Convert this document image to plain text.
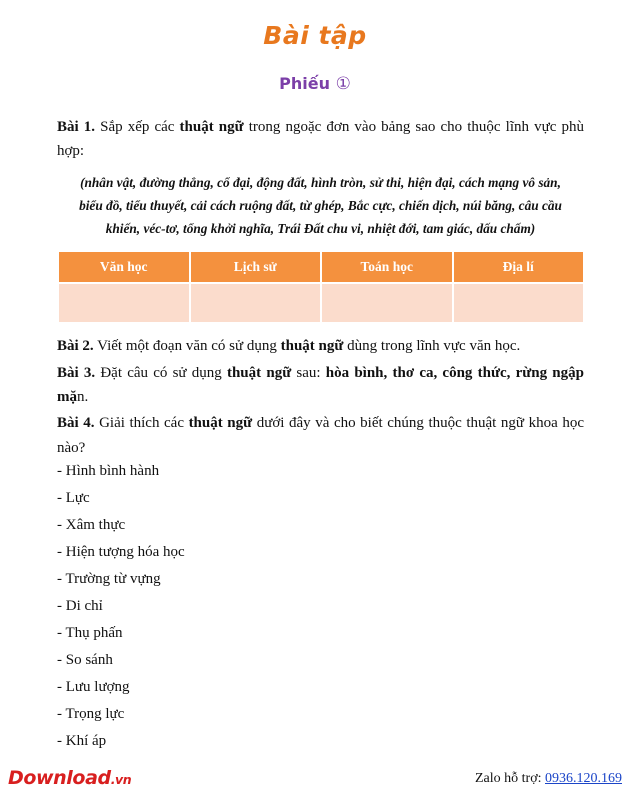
Bài tập
Phiếu ①

Bài 1. Sắp xếp các thuật ngữ trong ngoặc đơn vào bảng sao cho thuộc lĩnh vực phù hợp:

(nhân vật, đường thẳng, cổ đại, động đất, hình tròn, sử thi, hiện đại, cách mạng vô sản, biểu đồ, tiểu thuyết, cải cách ruộng đất, từ ghép, Bắc cực, chiến dịch, núi băng, câu cầu khiến, véc-tơ, tổng khởi nghĩa, Trái Đất chu vi, nhiệt đới, tam giác, dấu chấm)

Văn học	Lịch sử	Toán học	Địa lí

Bài 2. Viết một đoạn văn có sử dụng thuật ngữ dùng trong lĩnh vực văn học.

Bài 3. Đặt câu có sử dụng thuật ngữ sau: hòa bình, thơ ca, công thức, rừng ngập mặn.

Bài 4. Giải thích các thuật ngữ dưới đây và cho biết chúng thuộc thuật ngữ khoa học nào?

- Hình bình hành
- Lực
- Xâm thực
- Hiện tượng hóa học
- Trường từ vựng
- Di chỉ
- Thụ phấn
- So sánh
- Lưu lượng
- Trọng lực
- Khí áp
Download.vn	Zalo hỗ trợ: 0936.120.169
